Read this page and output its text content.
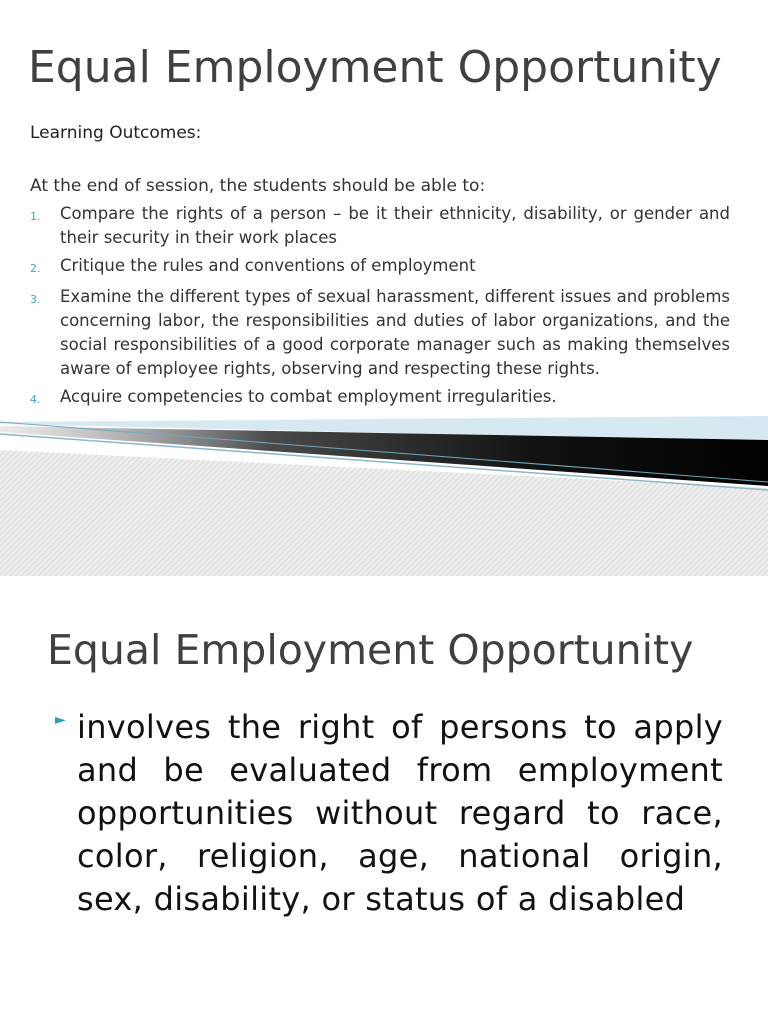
Equal Employment Opportunity

Learning Outcomes:

At the end of session, the students should be able to:

1.	Compare the rights of a person – be it their ethnicity, disability, or gender and their security in their work places
2.	Critique the rules and conventions of employment
3.	Examine the different types of sexual harassment, different issues and problems concerning labor, the responsibilities and duties of labor organizations, and the social responsibilities of a good corporate manager such as making themselves aware of employee rights, observing and respecting these rights.
4.	Acquire competencies to combat employment irregularities.
Equal Employment Opportunity
► involves the right of persons to apply and be evaluated from employment opportunities without regard to race, color, religion, age, national origin, sex, disability, or status of a disabled
